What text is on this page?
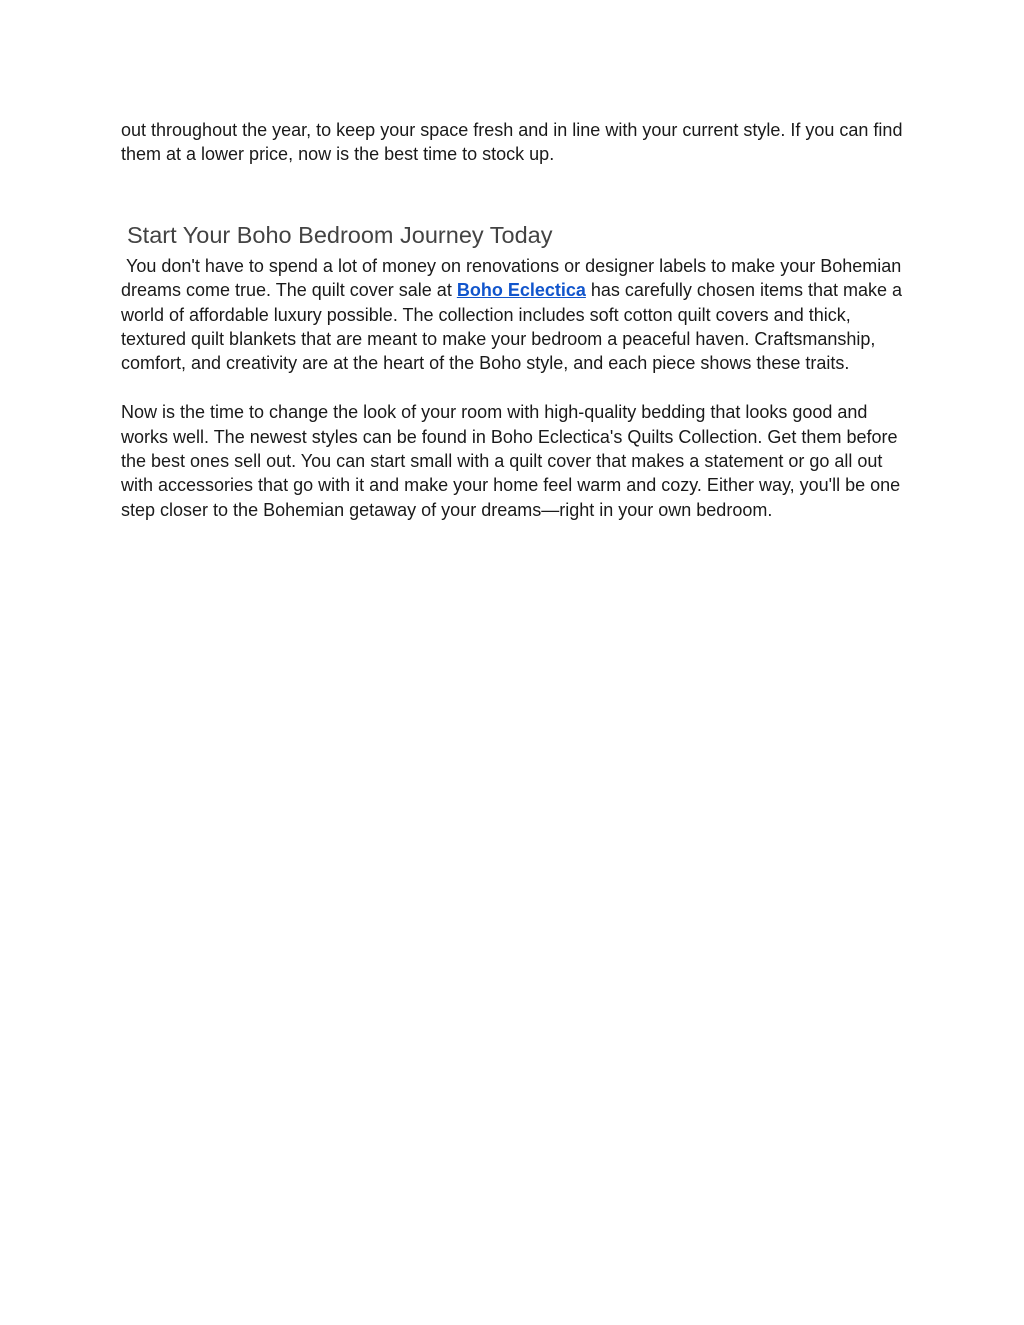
out throughout the year, to keep your space fresh and in line with your current style. If you can find them at a lower price, now is the best time to stock up.

Start Your Boho Bedroom Journey Today

You don't have to spend a lot of money on renovations or designer labels to make your Bohemian dreams come true. The quilt cover sale at Boho Eclectica has carefully chosen items that make a world of affordable luxury possible. The collection includes soft cotton quilt covers and thick, textured quilt blankets that are meant to make your bedroom a peaceful haven. Craftsmanship, comfort, and creativity are at the heart of the Boho style, and each piece shows these traits.

Now is the time to change the look of your room with high-quality bedding that looks good and works well. The newest styles can be found in Boho Eclectica's Quilts Collection. Get them before the best ones sell out. You can start small with a quilt cover that makes a statement or go all out with accessories that go with it and make your home feel warm and cozy. Either way, you'll be one step closer to the Bohemian getaway of your dreams—right in your own bedroom.
